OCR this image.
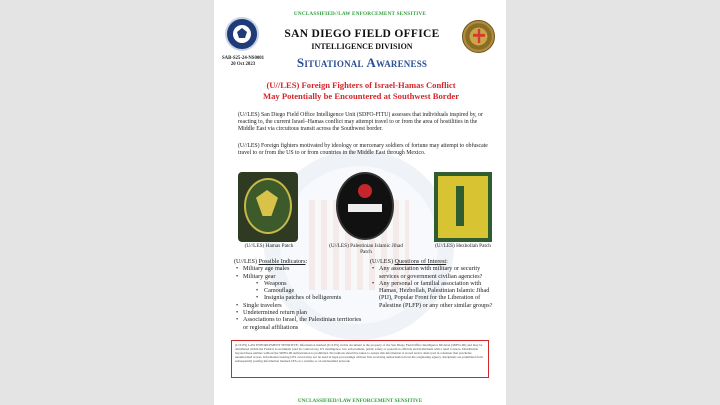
UNCLASSIFIED//LAW ENFORCEMENT SENSITIVE
SAB-S25-24-NS0001
20 Oct 2023
SAN DIEGO FIELD OFFICE
INTELLIGENCE DIVISION
Situational Awareness
(U//LES) Foreign Fighters of Israel-Hamas Conflict
May Potentially be Encountered at Southwest Border
(U//LES) San Diego Field Office Intelligence Unit (SDFO-FITU) assesses that individuals inspired by, or reacting to, the current Israel–Hamas conflict may attempt travel to or from the area of hostilities in the Middle East via circuitous transit across the Southwest border.
(U//LES) Foreign fighters motivated by ideology or mercenary soldiers of fortune may attempt to obfuscate travel to or from the US to or from countries in the Middle East through Mexico.
(U//LES) Hamas Patch	(U//LES) Palestinian Islamic Jihad Patch
(U//LES) Hezbollah Patch
(U//LES) Possible Indicators:
• Military age males
• Military gear
• Weapons
• Camouflage
• Insignia patches of belligerents
• Single travelers
• Undetermined return plan
• Associations to Israel, the Palestinian territories or regional affiliations
(U//LES) Questions of Interest:
• Any association with military or security services or government civilian agencies?
• Any personal or familial association with Hamas, Hezbollah, Palestinian Islamic Jihad (PIJ), Popular Front for the Liberation of Palestine (PLFP) or any other similar groups?
(U//LES) LAW ENFORCEMENT SENSITIVE: Information marked (U//LES) in this document is the property of the San Diego Field Office Intelligence Division (SDFO-ID) and may be distributed within the Federal Government (and its contractors), US intelligence, law enforcement, public safety or protection officials and individuals with a need to know. Distribution beyond these entities without the SDFO-ID authorization is prohibited. Precautions should be taken to ensure this information is stored and/or destroyed in a manner that precludes unauthorized access. Information bearing LES caveat may not be used in legal proceedings without first receiving authorization from the originating agency. Recipients are prohibited from subsequently posting information marked LES on a website or an unclassified network.
UNCLASSIFIED//LAW ENFORCEMENT SENSITIVE
